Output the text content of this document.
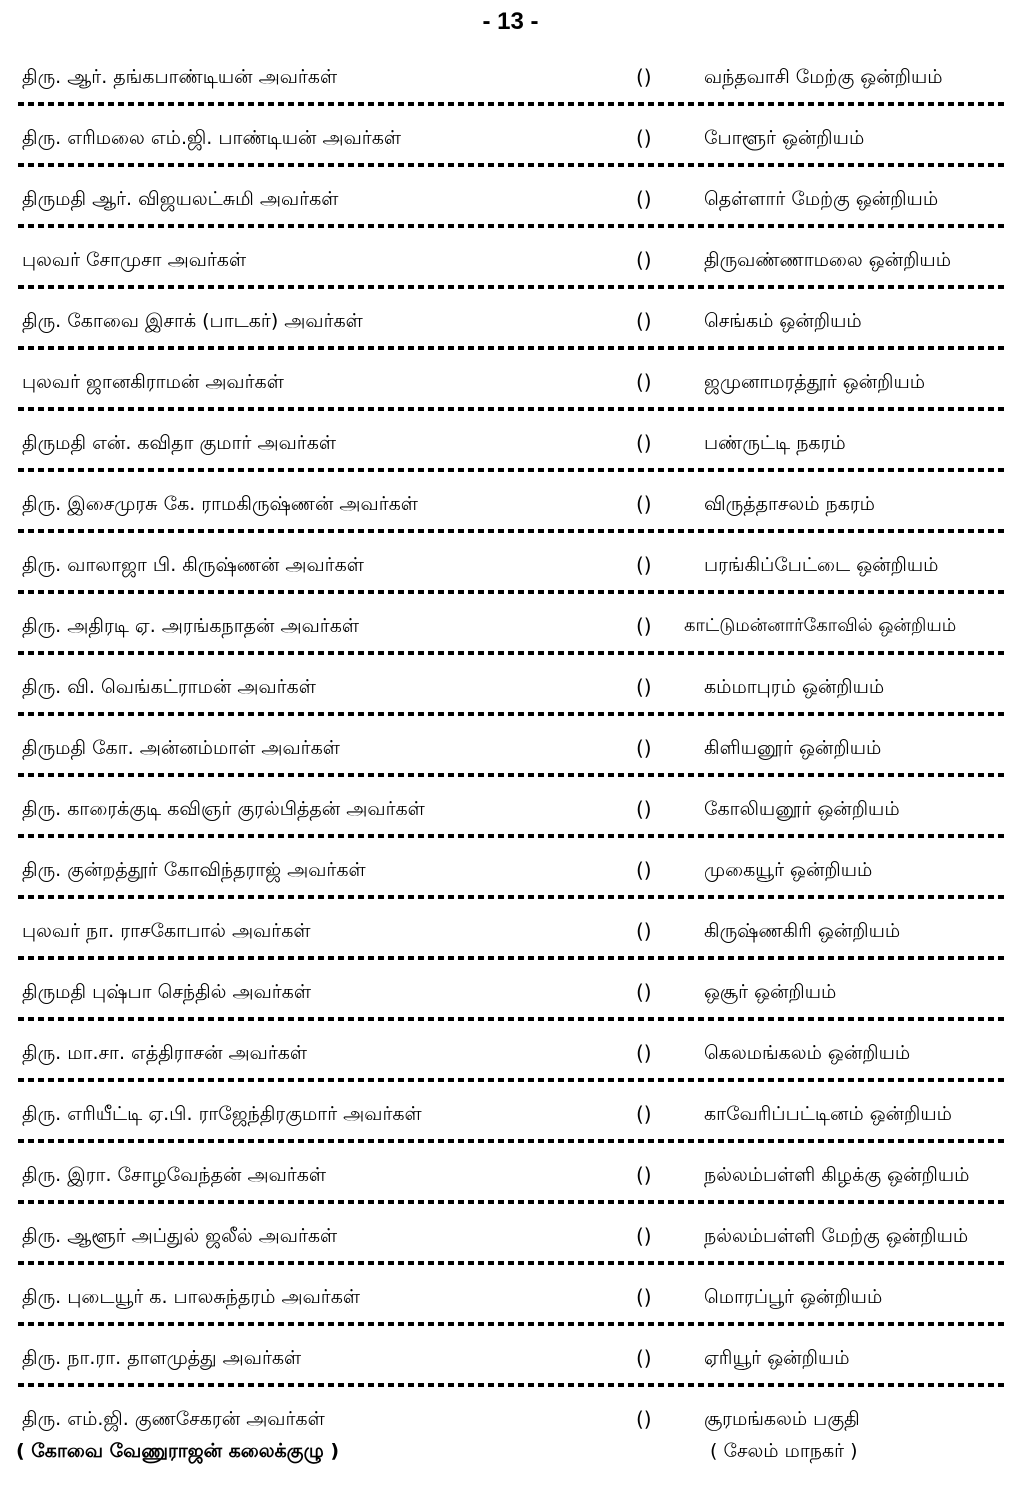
- 13 -
திரு. ஆர். தங்கபாண்டியன் அவர்கள்	()	வந்தவாசி மேற்கு ஒன்றியம்
திரு. எரிமலை எம்.ஜி. பாண்டியன் அவர்கள்	()	போளூர் ஒன்றியம்
திருமதி ஆர். விஜயலட்சுமி அவர்கள்	()	தெள்ளார் மேற்கு ஒன்றியம்
புலவர் சோமுசா அவர்கள்	()	திருவண்ணாமலை ஒன்றியம்
திரு. கோவை இசாக் (பாடகர்) அவர்கள்	()	செங்கம் ஒன்றியம்
புலவர் ஜானகிராமன் அவர்கள்	()	ஜமுனாமரத்தூர் ஒன்றியம்
திருமதி என். கவிதா குமார் அவர்கள்	()	பண்ருட்டி நகரம்
திரு. இசைமுரசு கே. ராமகிருஷ்ணன் அவர்கள்	()	விருத்தாசலம் நகரம்
திரு. வாலாஜா பி. கிருஷ்ணன் அவர்கள்	()	பரங்கிப்பேட்டை ஒன்றியம்
திரு. அதிரடி ஏ. அரங்கநாதன் அவர்கள்	() காட்டுமன்னார்கோவில் ஒன்றியம்
திரு. வி. வெங்கட்ராமன் அவர்கள்	()	கம்மாபுரம் ஒன்றியம்
திருமதி கோ. அன்னம்மாள் அவர்கள்	()	கிளியனூர் ஒன்றியம்
திரு. காரைக்குடி கவிஞர் குரல்பித்தன் அவர்கள்	()	கோலியனூர் ஒன்றியம்
திரு. குன்றத்தூர் கோவிந்தராஜ் அவர்கள்	()	முகையூர் ஒன்றியம்
புலவர் நா. ராசகோபால் அவர்கள்	()	கிருஷ்ணகிரி ஒன்றியம்
திருமதி புஷ்பா செந்தில் அவர்கள்	()	ஒசூர் ஒன்றியம்
திரு. மா.சா. எத்திராசன் அவர்கள்	()	கெலமங்கலம் ஒன்றியம்
திரு. எரியீட்டி ஏ.பி. ராஜேந்திரகுமார் அவர்கள்	()	காவேரிப்பட்டினம் ஒன்றியம்
திரு. இரா. சோழவேந்தன் அவர்கள்	()	நல்லம்பள்ளி கிழக்கு ஒன்றியம்
திரு. ஆளூர் அப்துல் ஜலீல் அவர்கள்	()	நல்லம்பள்ளி மேற்கு ஒன்றியம்
திரு. புடையூர் க. பாலசுந்தரம் அவர்கள்	()	மொரப்பூர் ஒன்றியம்
திரு. நா.ரா. தாளமுத்து அவர்கள்	()	ஏரியூர் ஒன்றியம்
திரு. எம்.ஜி. குணசேகரன் அவர்கள்	()	சூரமங்கலம் பகுதி
( கோவை வேணுராஜன் கலைக்குழு )	( சேலம் மாநகர் )
